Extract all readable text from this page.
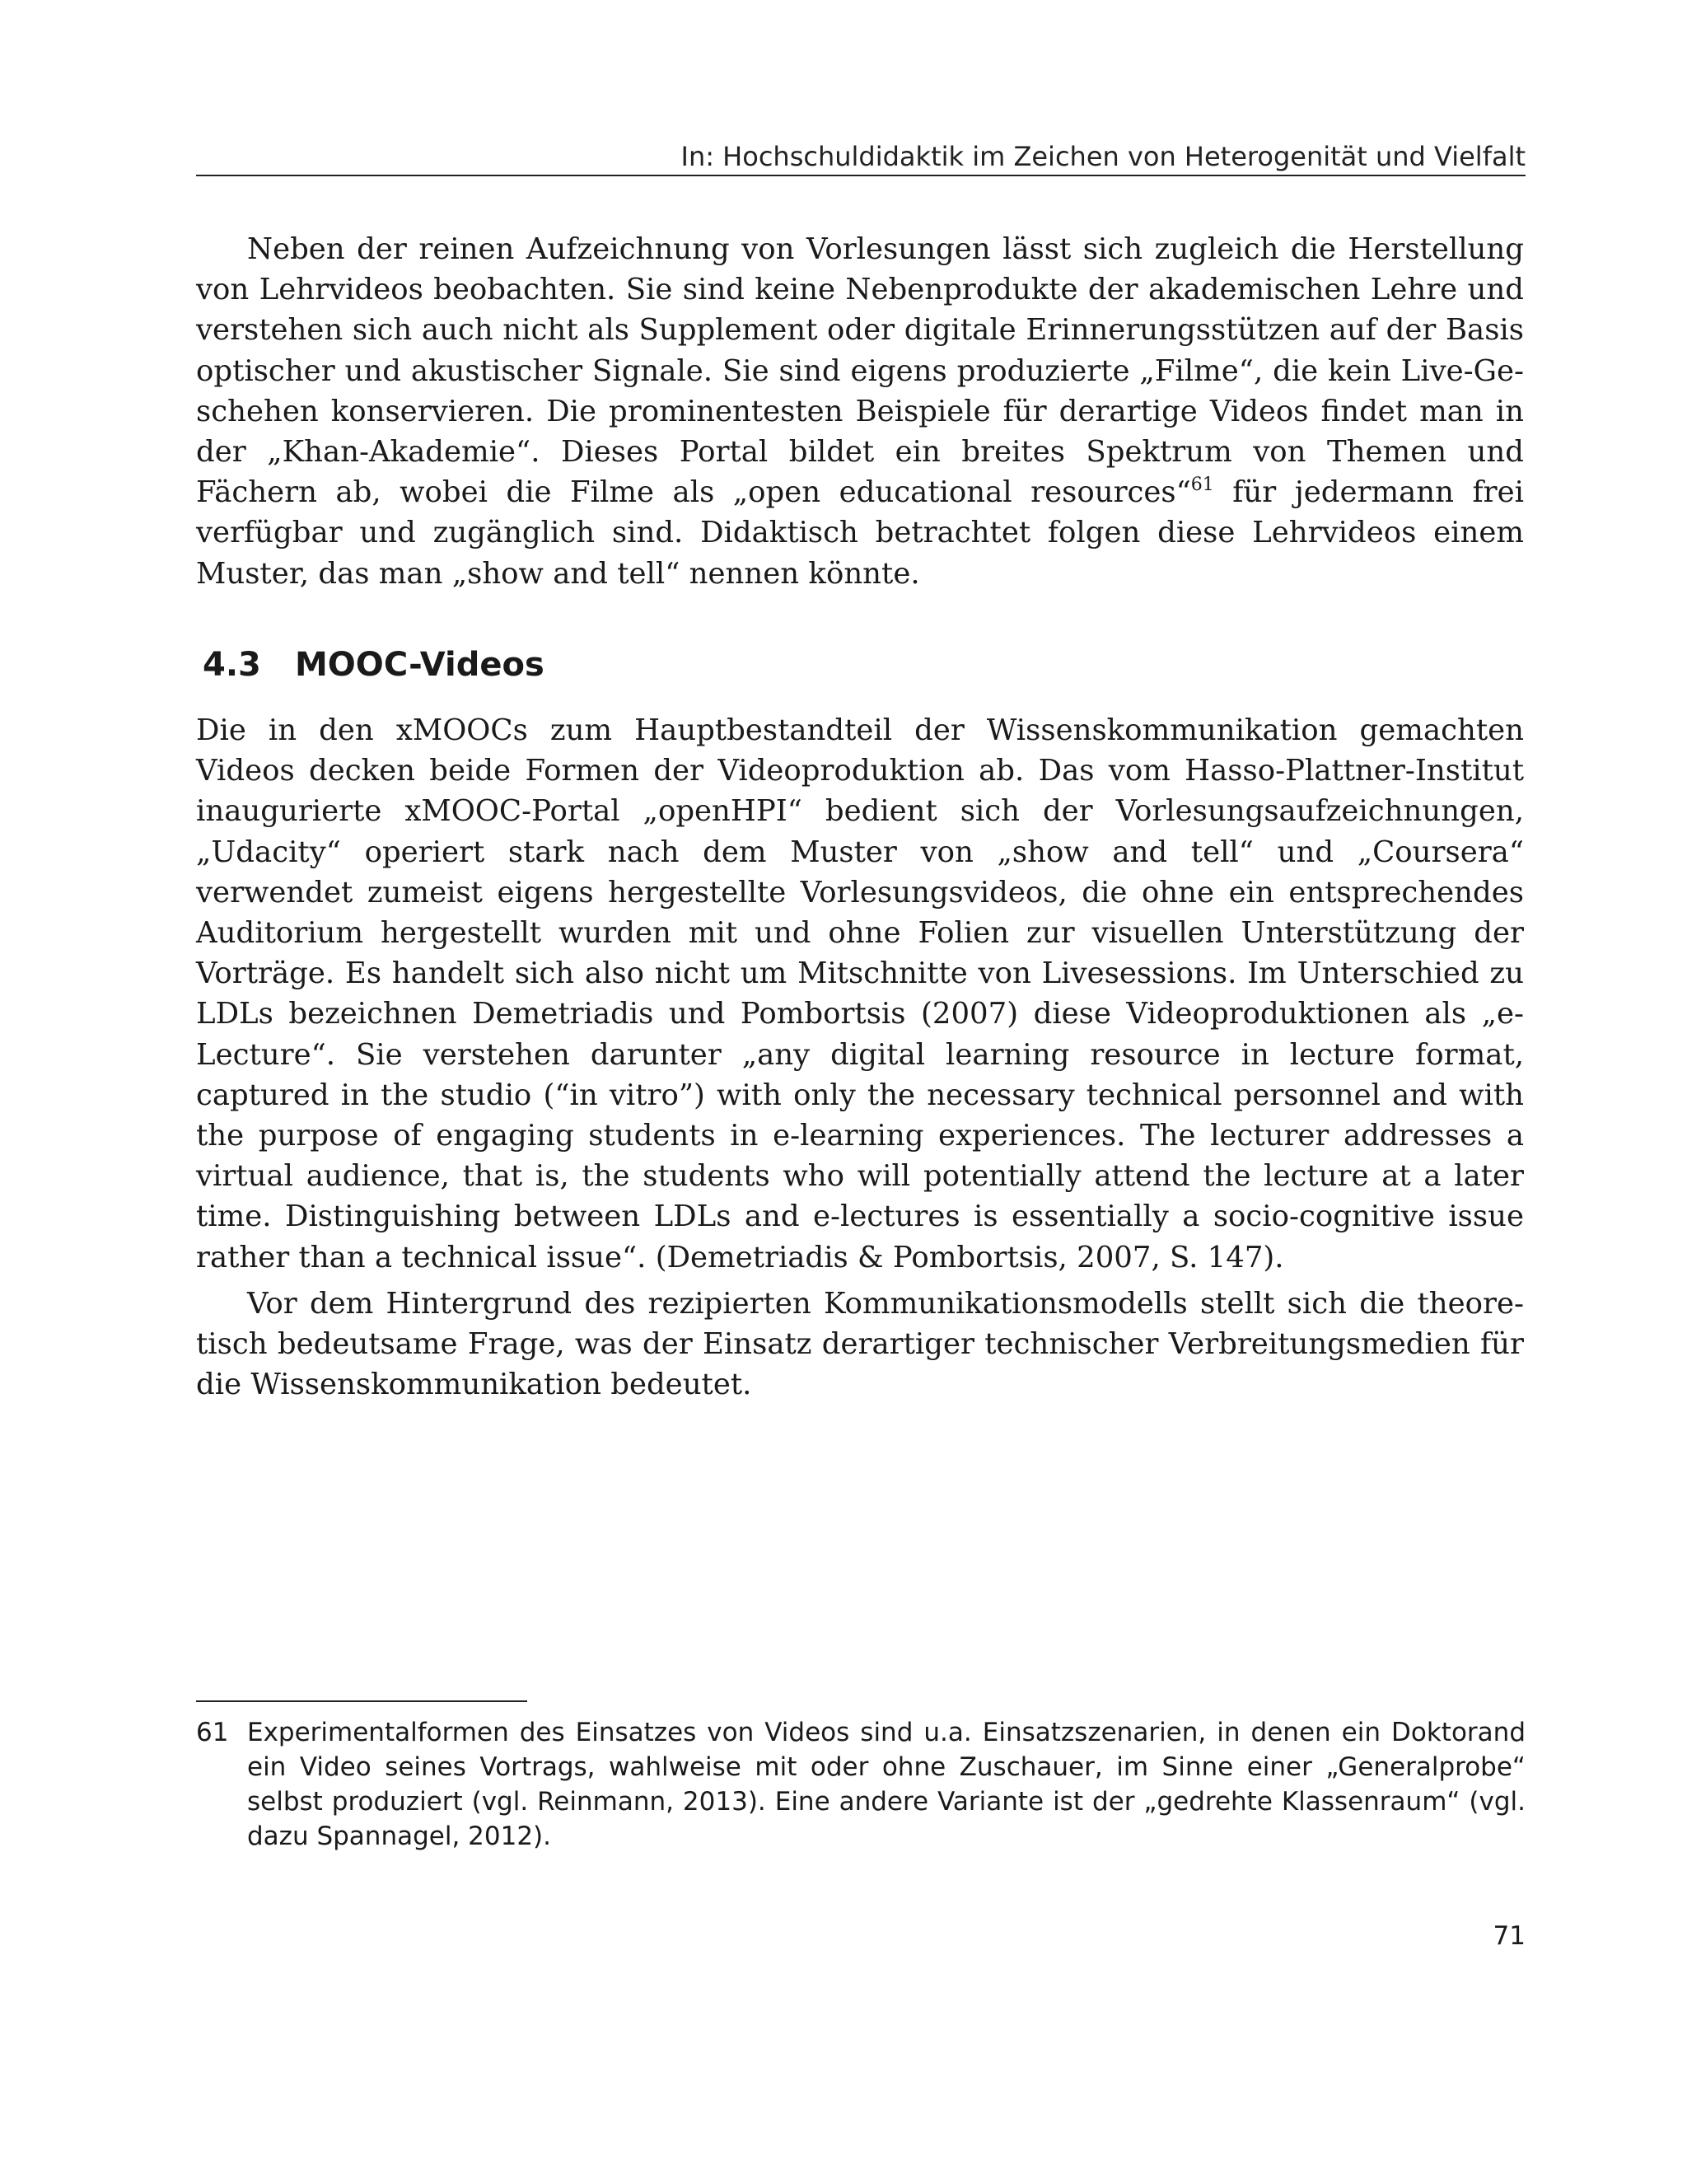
In: Hochschuldidaktik im Zeichen von Heterogenität und Vielfalt

Neben der reinen Aufzeichnung von Vorlesungen lässt sich zugleich die Herstellung von Lehrvideos beobachten. Sie sind keine Nebenprodukte der akademischen Lehre und verstehen sich auch nicht als Supplement oder digitale Erinnerungsstützen auf der Basis optischer und akustischer Signale. Sie sind eigens produzierte „Filme“, die kein Live-Geschehen konservieren. Die prominentesten Beispiele für derartige Videos findet man in der „Khan-Akademie“. Dieses Portal bildet ein breites Spektrum von Themen und Fächern ab, wobei die Filme als „open educational resources“$^{61}$ für jedermann frei verfügbar und zugänglich sind. Didaktisch betrachtet folgen diese Lehrvideos einem Muster, das man „show and tell“ nennen könnte.

4.3	MOOC-Videos

Die in den xMOOCs zum Hauptbestandteil der Wissenskommunikation gemachten Videos decken beide Formen der Videoproduktion ab. Das vom Hasso-Plattner-Institut inaugurierte xMOOC-Portal „openHPI“ bedient sich der Vorlesungsaufzeichnungen, „Udacity“ operiert stark nach dem Muster von „show and tell“ und „Coursera“ verwendet zumeist eigens hergestellte Vorlesungsvideos, die ohne ein entsprechendes Auditorium hergestellt wurden mit und ohne Folien zur visuellen Unterstützung der Vorträge. Es handelt sich also nicht um Mitschnitte von Livesessions. Im Unterschied zu LDLs bezeichnen Demetriadis und Pombortsis (2007) diese Videoproduktionen als „e-Lecture“. Sie verstehen darunter „any digital learning resource in lecture format, captured in the studio (“in vitro”) with only the necessary technical personnel and with the purpose of engaging students in e-learning experiences. The lecturer addresses a virtual audience, that is, the students who will potentially attend the lecture at a later time. Distinguishing between LDLs and e-lectures is essentially a socio-cognitive issue rather than a technical issue“. (Demetriadis & Pombortsis, 2007, S. 147).

Vor dem Hintergrund des rezipierten Kommunikationsmodells stellt sich die theoretisch bedeutsame Frage, was der Einsatz derartiger technischer Verbreitungsmedien für die Wissenskommunikation bedeutet.

61 Experimentalformen des Einsatzes von Videos sind u.a. Einsatzszenarien, in denen ein Doktorand ein Video seines Vortrags, wahlweise mit oder ohne Zuschauer, im Sinne einer „Generalprobe“ selbst produziert (vgl. Reinmann, 2013). Eine andere Variante ist der „gedrehte Klassenraum“ (vgl. dazu Spannagel, 2012).
71
